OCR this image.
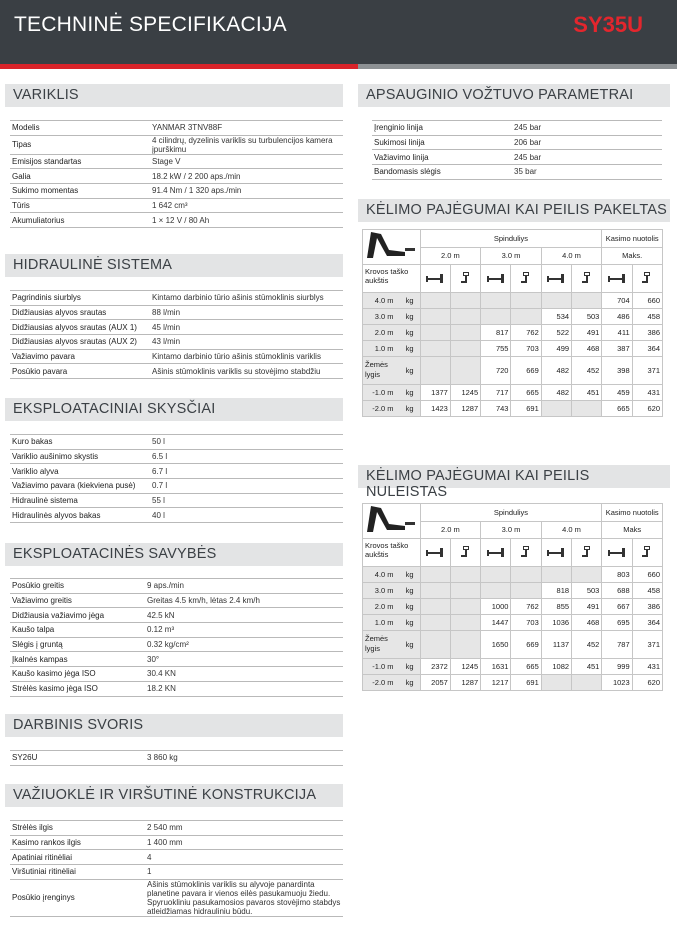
TECHNINĖ SPECIFIKACIJA	SY35U
VARIKLIS
Modelis	YANMAR 3TNV88F
Tipas	4 cilindrų, dyzelinis variklis su turbulencijos kamera įpurškimu
Emisijos standartas	Stage V
Galia	18.2 kW / 2 200 aps./min
Sukimo momentas	91.4 Nm / 1 320 aps./min
Tūris	1 642 cm³
Akumuliatorius	1 × 12 V / 80 Ah
HIDRAULINĖ SISTEMA
Pagrindinis siurblys	Kintamo darbinio tūrio ašinis stūmoklinis siurblys
Didžiausias alyvos srautas	88 l/min
Didžiausias alyvos srautas (AUX 1)	45 l/min
Didžiausias alyvos srautas (AUX 2)	43 l/min
Važiavimo pavara	Kintamo darbinio tūrio ašinis stūmoklinis variklis
Posūkio pavara	Ašinis stūmoklinis variklis su stovėjimo stabdžiu
EKSPLOATACINIAI SKYSČIAI
Kuro bakas	50 l
Variklio aušinimo skystis	6.5 l
Variklio alyva	6.7 l
Važiavimo pavara (kiekviena pusė)	0.7 l
Hidraulinė sistema	55 l
Hidraulinės alyvos bakas	40 l
EKSPLOATACINĖS SAVYBĖS
Posūkio greitis	9 aps./min
Važiavimo greitis	Greitas 4.5 km/h, lėtas 2.4 km/h
Didžiausia važiavimo jėga	42.5 kN
Kaušo talpa	0.12 m³
Slėgis į gruntą	0.32 kg/cm²
Įkalnės kampas	30°
Kaušo kasimo jėga ISO	30.4 KN
Strėlės kasimo jėga ISO	18.2 KN
DARBINIS SVORIS
SY26U	3 860 kg
VAŽIUOKLĖ IR VIRŠUTINĖ KONSTRUKCIJA
Strėlės ilgis	2 540 mm
Kasimo rankos ilgis	1 400 mm
Apatiniai ritinėliai	4
Viršutiniai ritinėliai	1
Posūkio įrenginys	Ašinis stūmoklinis variklis su alyvoje panardinta planetine pavara ir vienos eilės pasukamuoju žiedu. Spyruokliniu pasukamosios pavaros stovėjimo stabdys atleidžiamas hidrauliniu būdu.
APSAUGINIO VOŽTUVO PARAMETRAI
Įrenginio linija	245 bar
Sukimosi linija	206 bar
Važiavimo linija	245 bar
Bandomasis slėgis	35 bar
KĖLIMO PAJĖGUMAI KAI PEILIS PAKELTAS
	Spinduliys						Kasimo nuotolis	
	2.0 m		3.0 m		4.0 m		Maks.	
Krovos taško aukštis	

4.0 m kg							704	660

3.0 m kg					534	503	486	458

2.0 m kg			817	762	522	491	411	386

1.0 m kg			755	703	499	468	387	364

Žemės lygis kg			720	669	482	452	398	371

-1.0 m kg	1377	1245	717	665	482	451	459	431

-2.0 m kg	1423	1287	743	691			665	620
KĖLIMO PAJĖGUMAI KAI PEILIS NULEISTAS
	Spinduliys						Kasimo nuotolis	
	2.0 m		3.0 m		4.0 m		Maks	
Krovos taško aukštis	

4.0 m kg							803	660

3.0 m kg					818	503	688	458

2.0 m kg			1000	762	855	491	667	386

1.0 m kg			1447	703	1036	468	695	364

Žemės lygis kg			1650	669	1137	452	787	371

-1.0 m kg	2372	1245	1631	665	1082	451	999	431

-2.0 m kg	2057	1287	1217	691			1023	620
